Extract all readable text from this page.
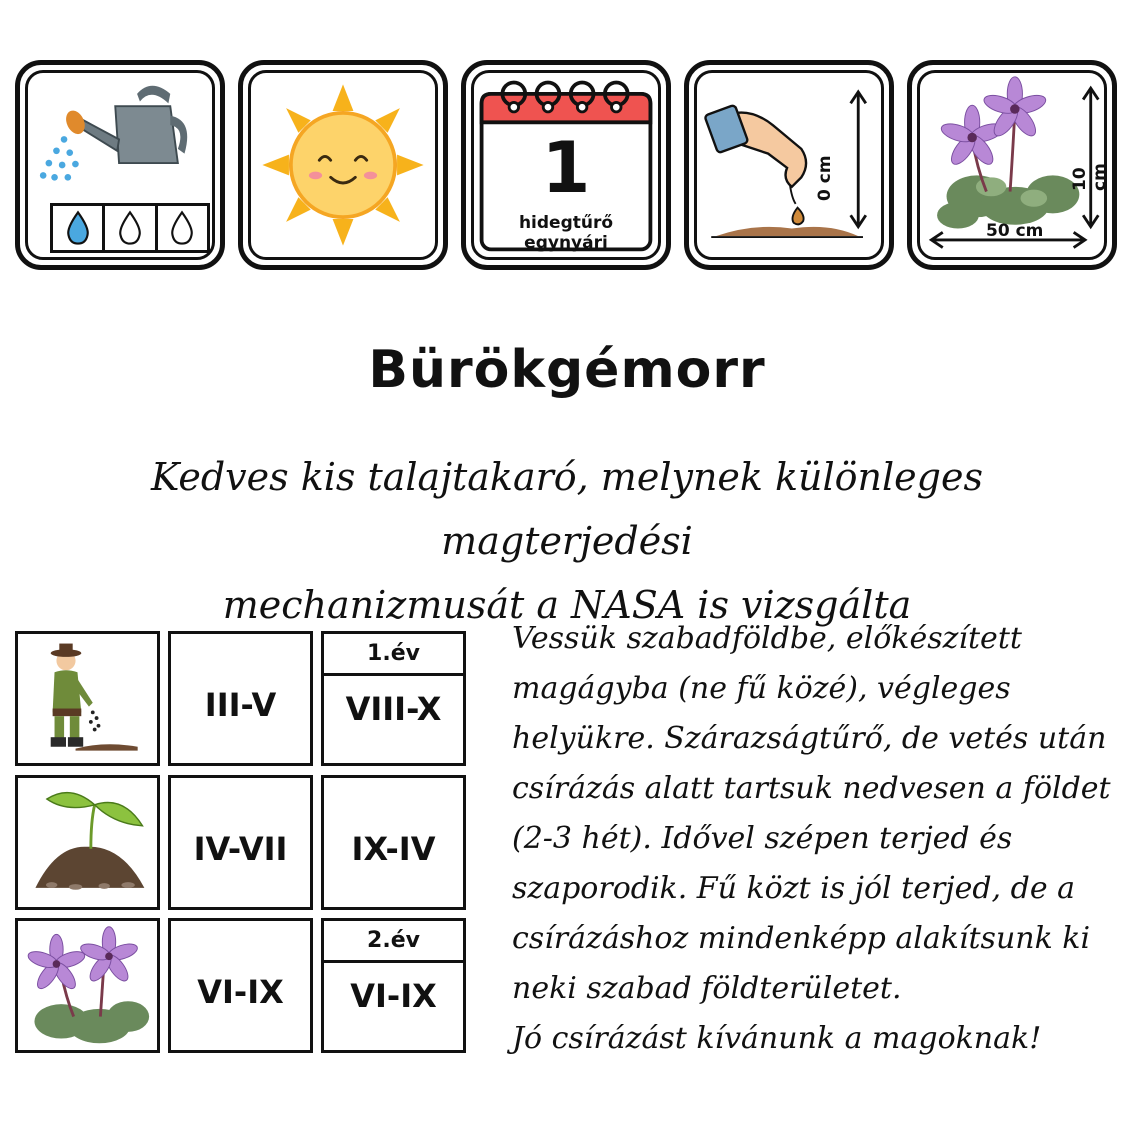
1
hidegtűrő
egynyári
0 cm	10 cm
50 cm
Bürökgémorr
Kedves kis talajtakaró, melynek különleges magterjedési
mechanizmusát a NASA is vizsgálta
III-V
1.év
VIII-X
IV-VII	IX-IV
VI-IX
2.év
VI-IX

Vessük szabadföldbe, előkészített

magágyba (ne fű közé), végleges

helyükre. Szárazságtűrő, de vetés után

csírázás alatt tartsuk nedvesen a földet

(2-3 hét). Idővel szépen terjed és

szaporodik. Fű közt is jól terjed, de a

csírázáshoz mindenképp alakítsunk ki

neki szabad földterületet.

Jó csírázást kívánunk a magoknak!
